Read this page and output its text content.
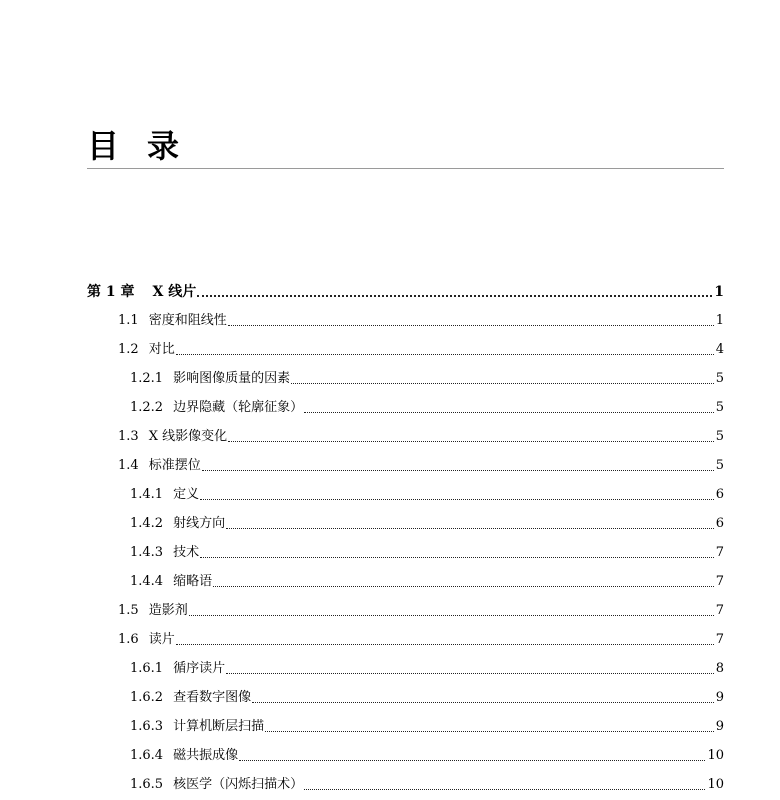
目录
第 1 章 X 线片	1
1.1 密度和阻线性	1
1.2 对比	4
1.2.1 影响图像质量的因素	5
1.2.2 边界隐藏（轮廓征象）	5
1.3 X 线影像变化	5
1.4 标准摆位	5
1.4.1 定义	6
1.4.2 射线方向	6
1.4.3 技术	7
1.4.4 缩略语	7
1.5 造影剂	7
1.6 读片	7
1.6.1 循序读片	8
1.6.2 查看数字图像	9
1.6.3 计算机断层扫描	9
1.6.4 磁共振成像	10
1.6.5 核医学（闪烁扫描术）	10
